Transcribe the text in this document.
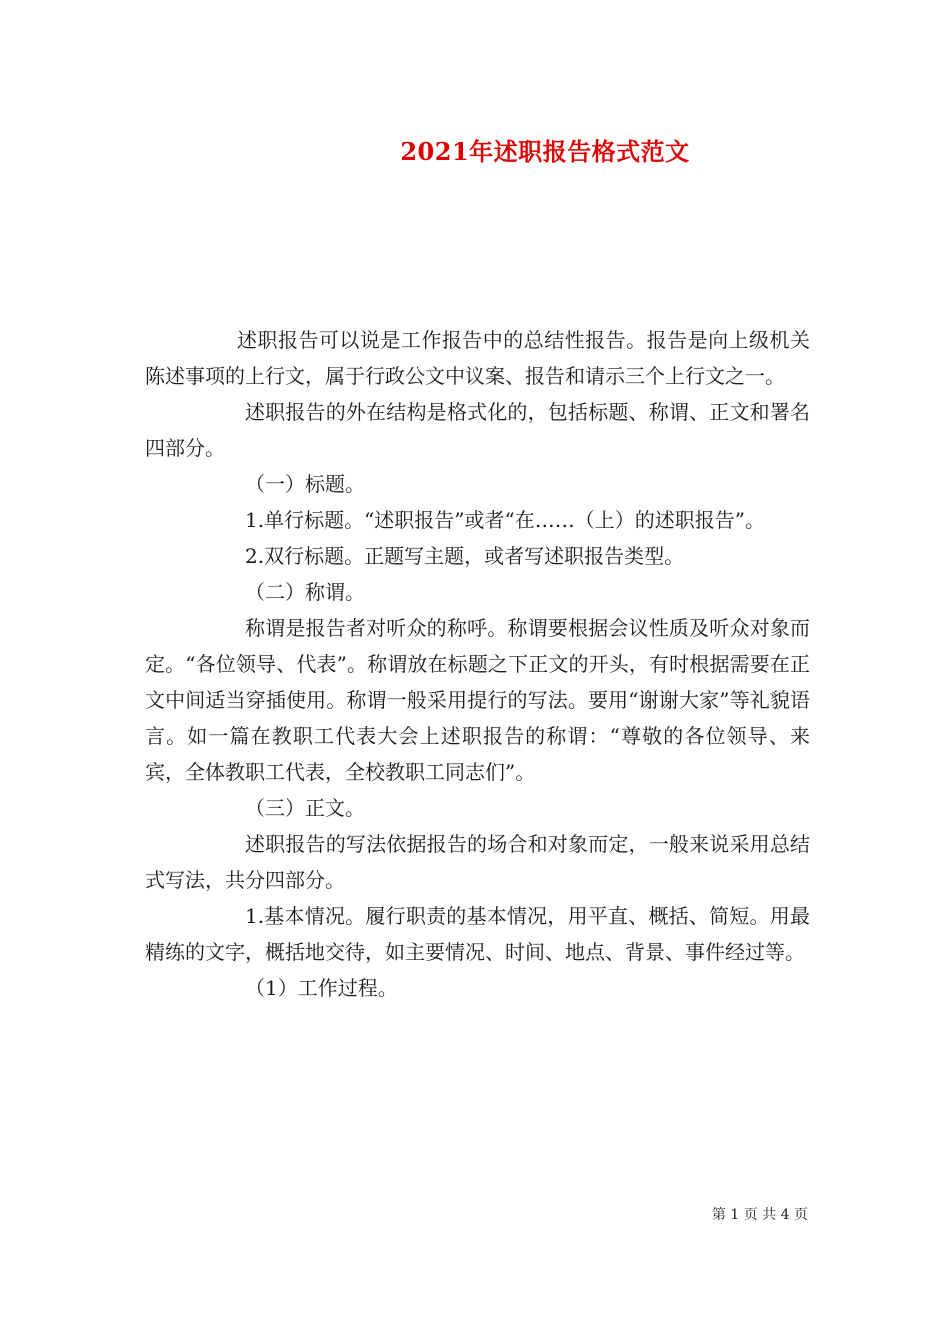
2021年述职报告格式范文

述职报告可以说是工作报告中的总结性报告。报告是向上级机关陈述事项的上行文，属于行政公文中议案、报告和请示三个上行文之一。

述职报告的外在结构是格式化的，包括标题、称谓、正文和署名四部分。

（一）标题。

1.单行标题。“述职报告”或者“在……（上）的述职报告”。

2.双行标题。正题写主题，或者写述职报告类型。

（二）称谓。

称谓是报告者对听众的称呼。称谓要根据会议性质及听众对象而定。“各位领导、代表”。称谓放在标题之下正文的开头，有时根据需要在正文中间适当穿插使用。称谓一般采用提行的写法。要用“谢谢大家”等礼貌语言。如一篇在教职工代表大会上述职报告的称谓：“尊敬的各位领导、来宾，全体教职工代表，全校教职工同志们”。

（三）正文。

述职报告的写法依据报告的场合和对象而定，一般来说采用总结式写法，共分四部分。

1.基本情况。履行职责的基本情况，用平直、概括、简短。用最精练的文字，概括地交待，如主要情况、时间、地点、背景、事件经过等。

（1）工作过程。

第 1 页 共 4 页
